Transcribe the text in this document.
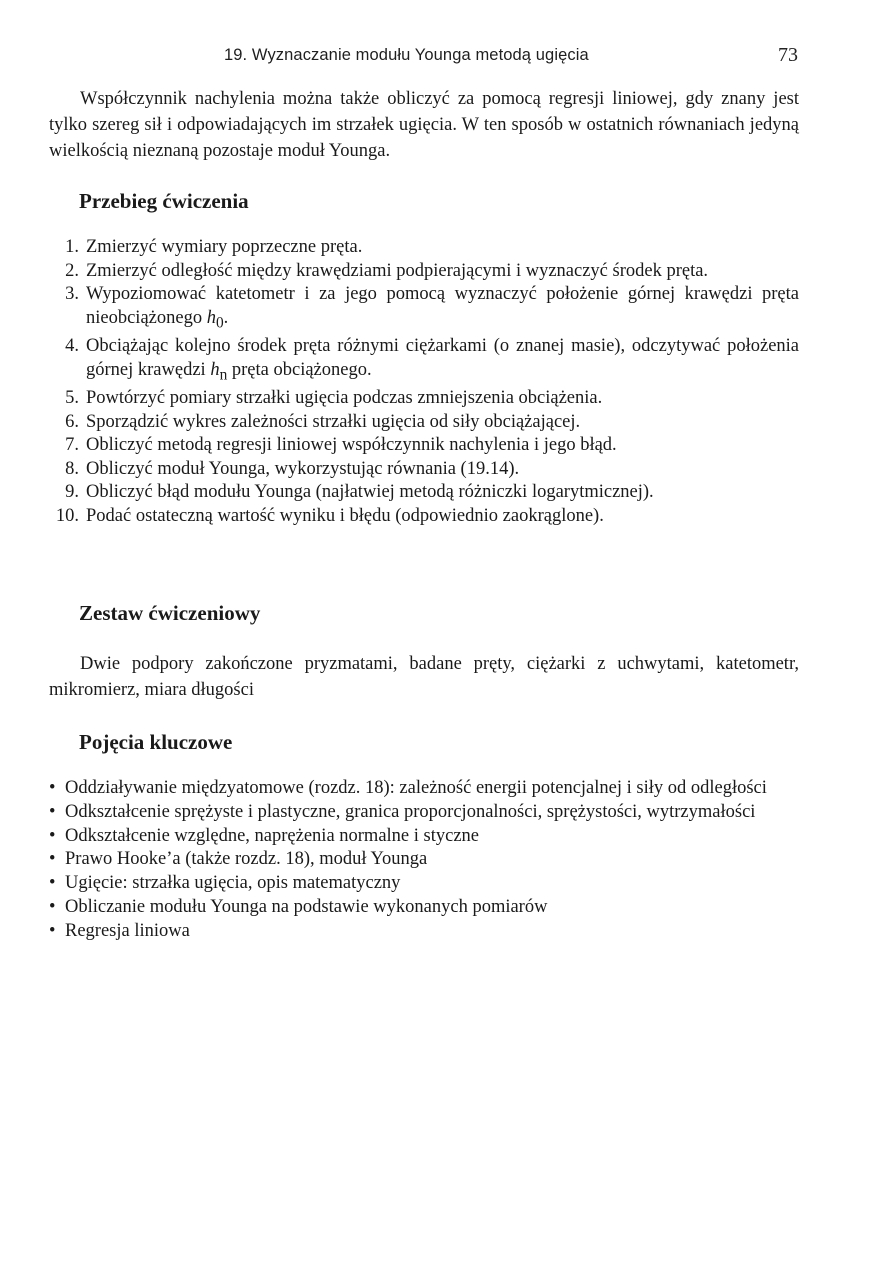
19. Wyznaczanie modułu Younga metodą ugięcia	73

Współczynnik nachylenia można także obliczyć za pomocą regresji liniowej, gdy znany jest tylko szereg sił i odpowiadających im strzałek ugięcia. W ten sposób w ostatnich równaniach jedyną wielkością nieznaną pozostaje moduł Younga.

Przebieg ćwiczenia
1. Zmierzyć wymiary poprzeczne pręta.
2. Zmierzyć odległość między krawędziami podpierającymi i wyznaczyć środek pręta.
3. Wypoziomować katetometr i za jego pomocą wyznaczyć położenie górnej krawędzi pręta nieobciążonego $h_0$.
4. Obciążając kolejno środek pręta różnymi ciężarkami (o znanej masie), odczytywać położenia górnej krawędzi $h_n$ pręta obciążonego.
5. Powtórzyć pomiary strzałki ugięcia podczas zmniejszenia obciążenia.
6. Sporządzić wykres zależności strzałki ugięcia od siły obciążającej.
7. Obliczyć metodą regresji liniowej współczynnik nachylenia i jego błąd.
8. Obliczyć moduł Younga, wykorzystując równania (19.14).
9. Obliczyć błąd modułu Younga (najłatwiej metodą różniczki logarytmicznej).
10. Podać ostateczną wartość wyniku i błędu (odpowiednio zaokrąglone).
Zestaw ćwiczeniowy

Dwie podpory zakończone pryzmatami, badane pręty, ciężarki z uchwytami, katetometr, mikromierz, miara długości

Pojęcia kluczowe
• Oddziaływanie międzyatomowe (rozdz. 18): zależność energii potencjalnej i siły od odległości
• Odkształcenie sprężyste i plastyczne, granica proporcjonalności, sprężystości, wytrzymałości
• Odkształcenie względne, naprężenia normalne i styczne
• Prawo Hooke’a (także rozdz. 18), moduł Younga
• Ugięcie: strzałka ugięcia, opis matematyczny
• Obliczanie modułu Younga na podstawie wykonanych pomiarów
• Regresja liniowa
